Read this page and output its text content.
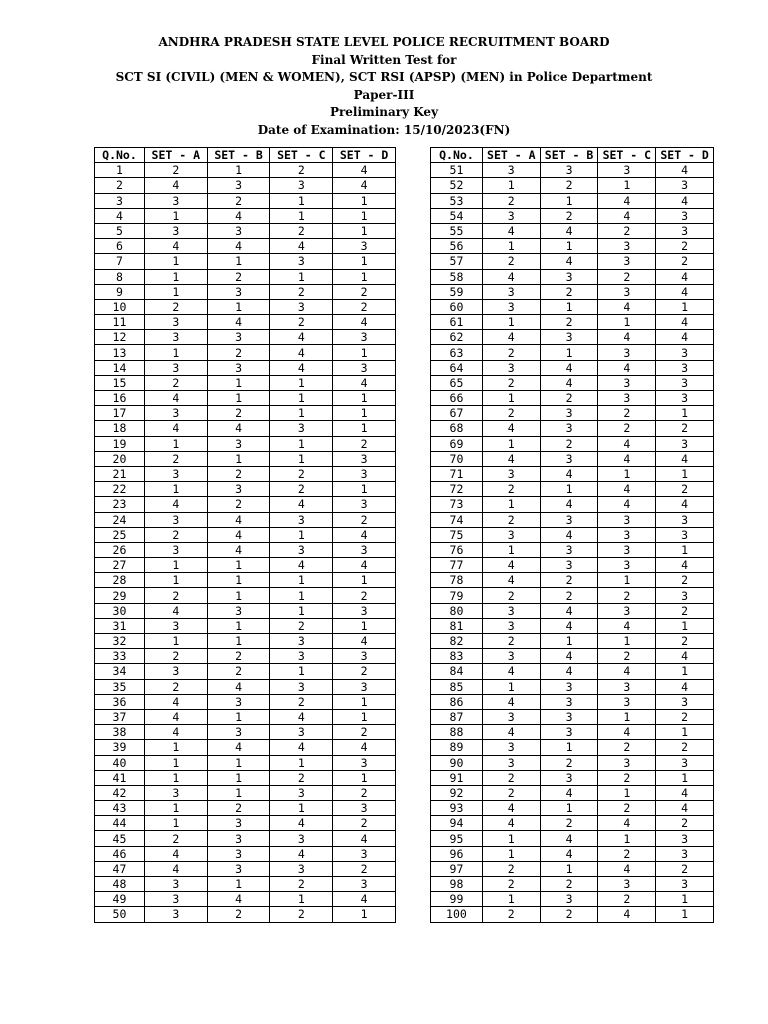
ANDHRA PRADESH STATE LEVEL POLICE RECRUITMENT BOARD
Final Written Test for
SCT SI (CIVIL) (MEN & WOMEN), SCT RSI (APSP) (MEN) in Police Department
Paper-III
Preliminary Key
Date of Examination: 15/10/2023(FN)
Q.No.	SET - A	SET - B	SET - C	SET - D
1	2	1	2	4
2	4	3	3	4
3	3	2	1	1
4	1	4	1	1
5	3	3	2	1
6	4	4	4	3
7	1	1	3	1
8	1	2	1	1
9	1	3	2	2
10	2	1	3	2
11	3	4	2	4
12	3	3	4	3
13	1	2	4	1
14	3	3	4	3
15	2	1	1	4
16	4	1	1	1
17	3	2	1	1
18	4	4	3	1
19	1	3	1	2
20	2	1	1	3
21	3	2	2	3
22	1	3	2	1
23	4	2	4	3
24	3	4	3	2
25	2	4	1	4
26	3	4	3	3
27	1	1	4	4
28	1	1	1	1
29	2	1	1	2
30	4	3	1	3
31	3	1	2	1
32	1	1	3	4
33	2	2	3	3
34	3	2	1	2
35	2	4	3	3
36	4	3	2	1
37	4	1	4	1
38	4	3	3	2
39	1	4	4	4
40	1	1	1	3
41	1	1	2	1
42	3	1	3	2
43	1	2	1	3
44	1	3	4	2
45	2	3	3	4
46	4	3	4	3
47	4	3	3	2
48	3	1	2	3
49	3	4	1	4
50	3	2	2	1
Q.No.	SET - A	SET - B	SET - C	SET - D
51	3	3	3	4
52	1	2	1	3
53	2	1	4	4
54	3	2	4	3
55	4	4	2	3
56	1	1	3	2
57	2	4	3	2
58	4	3	2	4
59	3	2	3	4
60	3	1	4	1
61	1	2	1	4
62	4	3	4	4
63	2	1	3	3
64	3	4	4	3
65	2	4	3	3
66	1	2	3	3
67	2	3	2	1
68	4	3	2	2
69	1	2	4	3
70	4	3	4	4
71	3	4	1	1
72	2	1	4	2
73	1	4	4	4
74	2	3	3	3
75	3	4	3	3
76	1	3	3	1
77	4	3	3	4
78	4	2	1	2
79	2	2	2	3
80	3	4	3	2
81	3	4	4	1
82	2	1	1	2
83	3	4	2	4
84	4	4	4	1
85	1	3	3	4
86	4	3	3	3
87	3	3	1	2
88	4	3	4	1
89	3	1	2	2
90	3	2	3	3
91	2	3	2	1
92	2	4	1	4
93	4	1	2	4
94	4	2	4	2
95	1	4	1	3
96	1	4	2	3
97	2	1	4	2
98	2	2	3	3
99	1	3	2	1
100	2	2	4	1
